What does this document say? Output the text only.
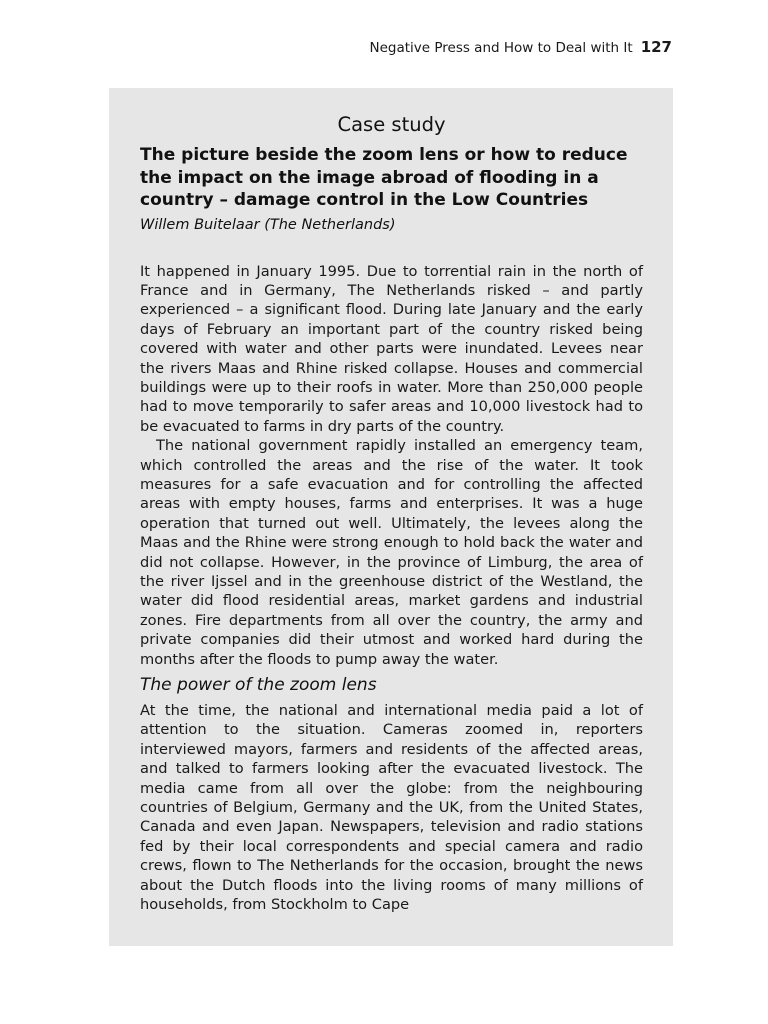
Negative Press and How to Deal with It 127
Case study
The picture beside the zoom lens or how to reduce the impact on the image abroad of flooding in a country – damage control in the Low Countries
Willem Buitelaar (The Netherlands)

It happened in January 1995. Due to torrential rain in the north of France and in Germany, The Netherlands risked – and partly experienced – a significant flood. During late January and the early days of February an important part of the country risked being covered with water and other parts were inundated. Levees near the rivers Maas and Rhine risked collapse. Houses and commercial buildings were up to their roofs in water. More than 250,000 people had to move temporarily to safer areas and 10,000 livestock had to be evacuated to farms in dry parts of the country.

The national government rapidly installed an emergency team, which controlled the areas and the rise of the water. It took measures for a safe evacuation and for controlling the affected areas with empty houses, farms and enterprises. It was a huge operation that turned out well. Ultimately, the levees along the Maas and the Rhine were strong enough to hold back the water and did not collapse. However, in the province of Limburg, the area of the river Ijssel and in the greenhouse district of the Westland, the water did flood residential areas, market gardens and industrial zones. Fire departments from all over the country, the army and private companies did their utmost and worked hard during the months after the floods to pump away the water.

The power of the zoom lens

At the time, the national and international media paid a lot of attention to the situation. Cameras zoomed in, reporters interviewed mayors, farmers and residents of the affected areas, and talked to farmers looking after the evacuated livestock. The media came from all over the globe: from the neighbouring countries of Belgium, Germany and the UK, from the United States, Canada and even Japan. Newspapers, television and radio stations fed by their local correspondents and special camera and radio crews, flown to The Netherlands for the occasion, brought the news about the Dutch floods into the living rooms of many millions of households, from Stockholm to Cape
